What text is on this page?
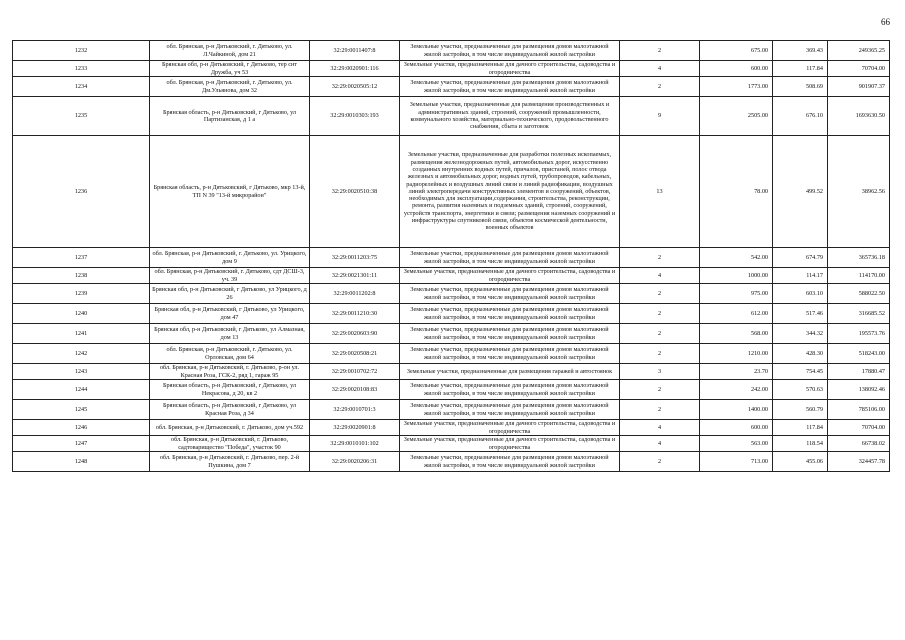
66
1232	обл. Брянская, р-н Дятьковский, г. Дятьково, ул. Л.Чайкиной, дом 21	32:29:0011407:8	Земельные участки, предназначенные для размещения домов малоэтажной жилой застройки, в том числе индивидуальной жилой застройки	2	675.00	369.43	249365.25
1233	Брянская обл, р-н Дятьковский, г Дятьково, тер снт Дружба, уч 53	32:29:0020901:116	Земельные участки, предназначенные для дачного строительства, садоводства и огородничества	4	600.00	117.84	70704.00
1234	обл. Брянская, р-н Дятьковский, г. Дятьково, ул. Дм.Ульянова, дом 32	32:29:0020505:12	Земельные участки, предназначенные для размещения домов малоэтажной жилой застройки, в том числе индивидуальной жилой застройки	2	1773.00	508.69	901907.37
1235	Брянская область, р-н Дятьковский, г Дятьково, ул Партизанская, д 1 а	32:29:0010303:193	Земельные участки, предназначенные для размещения производственных и административных зданий, строений, сооружений промышленности, коммунального хозяйства, материально-технического, продовольственного снабжения, сбыта и заготовок	9	2505.00	676.10	1693630.50
1236	Брянская область, р-н Дятьковский, г Дятьково, мкр 13-й, ТП N 39 "13-й микрорайон"	32:29:0020510:38	Земельные участки, предназначенные для разработки полезных ископаемых, размещения железнодорожных путей, автомобильных дорог, искусственно созданных внутренних водных путей, причалов, пристаней, полос отвода железных и автомобильных дорог, водных путей, трубопроводов, кабельных, радиорелейных и воздушных линий связи и линий радиофикации, воздушных линий электропередачи конструктивных элементов и сооружений, объектов, необходимых для эксплуатации,содержания, строительства, реконструкции, ремонта, развития наземных и подземных зданий, строений, сооружений, устройств транспорта, энергетики и связи; размещения наземных сооружений и инфраструктуры спутниковой связи, объектов космической деятельности, военных объектов	13	78.00	499.52	38962.56
1237	обл. Брянская, р-н Дятьковский, г. Дятьково, ул. Урицкого, дом 9	32:29:0011203:75	Земельные участки, предназначенные для размещения домов малоэтажной жилой застройки, в том числе индивидуальной жилой застройки	2	542.00	674.79	365736.18
1238	обл. Брянская, р-н Дятьковский, г. Дятьково, сдт ДСШ-3, уч. 39	32:29:0021301:11	Земельные участки, предназначенные для дачного строительства, садоводства и огородничества	4	1000.00	114.17	114170.00
1239	Брянская обл, р-н Дятьковский, г Дятьково, ул Урицкого, д 26	32:29:0011202:8	Земельные участки, предназначенные для размещения домов малоэтажной жилой застройки, в том числе индивидуальной жилой застройки	2	975.00	603.10	588022.50
1240	Брянская обл, р-н Дятьковский, г Дятьково, ул Урицкого, дом 47	32:29:0011210:30	Земельные участки, предназначенные для размещения домов малоэтажной жилой застройки, в том числе индивидуальной жилой застройки	2	612.00	517.46	316685.52
1241	Брянская обл, р-н Дятьковский, г Дятьково, ул Алмазная, дом 13	32:29:0020603:90	Земельные участки, предназначенные для размещения домов малоэтажной жилой застройки, в том числе индивидуальной жилой застройки	2	568.00	344.32	195573.76
1242	обл. Брянская, р-н Дятьковский, г. Дятьково, ул. Орловская, дом 64	32:29:0020508:21	Земельные участки, предназначенные для размещения домов малоэтажной жилой застройки, в том числе индивидуальной жилой застройки	2	1210.00	428.30	518243.00
1243	обл. Брянская, р-н Дятьковский, г. Дятьково, р-он ул. Красная Роза, ГСК-2, ряд 1, гараж 95	32:29:0010702:72	Земельные участки, предназначенные для размещения гаражей и автостоянок	3	23.70	754.45	17880.47
1244	Брянская область, р-н Дятьковский, г Дятьково, ул Некрасова, д 20, кв 2	32:29:0020108:83	Земельные участки, предназначенные для размещения домов малоэтажной жилой застройки, в том числе индивидуальной жилой застройки	2	242.00	570.63	138092.46
1245	Брянская область, р-н Дятьковский, г Дятьково, ул Красная Роза, д 34	32:29:0010701:3	Земельные участки, предназначенные для размещения домов малоэтажной жилой застройки, в том числе индивидуальной жилой застройки	2	1400.00	560.79	785106.00
1246	обл. Брянская, р-н Дятьковский, г. Дятьково, дом уч.592	32:29:0020901:8	Земельные участки, предназначенные для дачного строительства, садоводства и огородничества	4	600.00	117.84	70704.00
1247	обл. Брянская, р-н Дятьковский, г. Дятьково, садтоварищество "Победа", участок 90	32:29:0010101:102	Земельные участки, предназначенные для дачного строительства, садоводства и огородничества	4	563.00	118.54	66738.02
1248	обл. Брянская, р-н Дятьковский, г. Дятьково, пер. 2-й Пушкина, дом 7	32:29:0020206:31	Земельные участки, предназначенные для размещения домов малоэтажной жилой застройки, в том числе индивидуальной жилой застройки	2	713.00	455.06	324457.78
